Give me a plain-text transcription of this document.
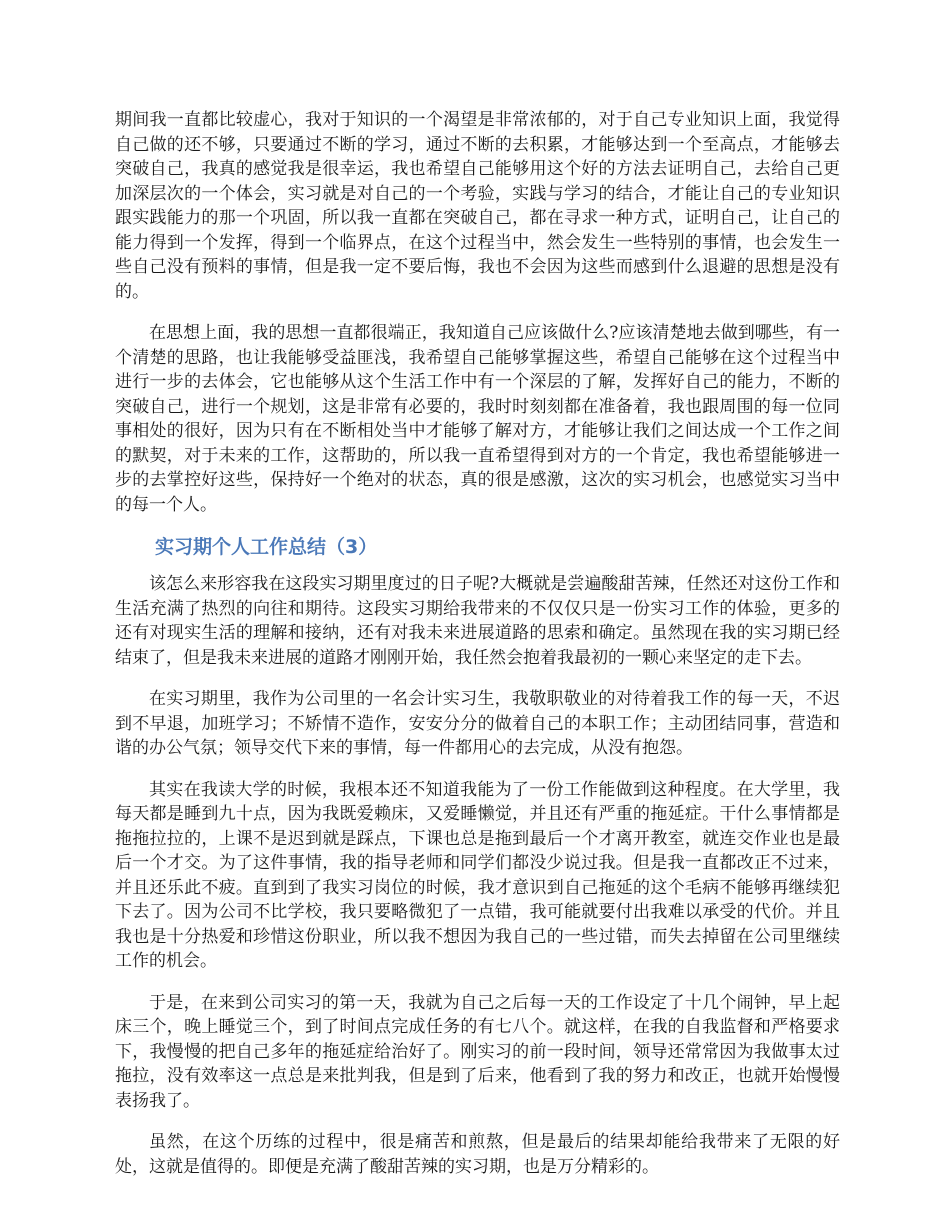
期间我一直都比较虚心，我对于知识的一个渴望是非常浓郁的，对于自己专业知识上面，我觉得自己做的还不够，只要通过不断的学习，通过不断的去积累，才能够达到一个至高点，才能够去突破自己，我真的感觉我是很幸运，我也希望自己能够用这个好的方法去证明自己，去给自己更加深层次的一个体会，实习就是对自己的一个考验，实践与学习的结合，才能让自己的专业知识跟实践能力的那一个巩固，所以我一直都在突破自己，都在寻求一种方式，证明自己，让自己的能力得到一个发挥，得到一个临界点，在这个过程当中，然会发生一些特别的事情，也会发生一些自己没有预料的事情，但是我一定不要后悔，我也不会因为这些而感到什么退避的思想是没有的。

在思想上面，我的思想一直都很端正，我知道自己应该做什么?应该清楚地去做到哪些，有一个清楚的思路，也让我能够受益匪浅，我希望自己能够掌握这些，希望自己能够在这个过程当中进行一步的去体会，它也能够从这个生活工作中有一个深层的了解，发挥好自己的能力，不断的突破自己，进行一个规划，这是非常有必要的，我时时刻刻都在准备着，我也跟周围的每一位同事相处的很好，因为只有在不断相处当中才能够了解对方，才能够让我们之间达成一个工作之间的默契，对于未来的工作，这帮助的，所以我一直希望得到对方的一个肯定，我也希望能够进一步的去掌控好这些，保持好一个绝对的状态，真的很是感激，这次的实习机会，也感觉实习当中的每一个人。

实习期个人工作总结（3）

该怎么来形容我在这段实习期里度过的日子呢?大概就是尝遍酸甜苦辣，任然还对这份工作和生活充满了热烈的向往和期待。这段实习期给我带来的不仅仅只是一份实习工作的体验，更多的还有对现实生活的理解和接纳，还有对我未来进展道路的思索和确定。虽然现在我的实习期已经结束了，但是我未来进展的道路才刚刚开始，我任然会抱着我最初的一颗心来坚定的走下去。

在实习期里，我作为公司里的一名会计实习生，我敬职敬业的对待着我工作的每一天，不迟到不早退，加班学习；不矫情不造作，安安分分的做着自己的本职工作；主动团结同事，营造和谐的办公气氛；领导交代下来的事情，每一件都用心的去完成，从没有抱怨。

其实在我读大学的时候，我根本还不知道我能为了一份工作能做到这种程度。在大学里，我每天都是睡到九十点，因为我既爱赖床，又爱睡懒觉，并且还有严重的拖延症。干什么事情都是拖拖拉拉的，上课不是迟到就是踩点，下课也总是拖到最后一个才离开教室，就连交作业也是最后一个才交。为了这件事情，我的指导老师和同学们都没少说过我。但是我一直都改正不过来，并且还乐此不疲。直到到了我实习岗位的时候，我才意识到自己拖延的这个毛病不能够再继续犯下去了。因为公司不比学校，我只要略微犯了一点错，我可能就要付出我难以承受的代价。并且我也是十分热爱和珍惜这份职业，所以我不想因为我自己的一些过错，而失去掉留在公司里继续工作的机会。

于是，在来到公司实习的第一天，我就为自己之后每一天的工作设定了十几个闹钟，早上起床三个，晚上睡觉三个，到了时间点完成任务的有七八个。就这样，在我的自我监督和严格要求下，我慢慢的把自己多年的拖延症给治好了。刚实习的前一段时间，领导还常常因为我做事太过拖拉，没有效率这一点总是来批判我，但是到了后来，他看到了我的努力和改正，也就开始慢慢表扬我了。

虽然，在这个历练的过程中，很是痛苦和煎熬，但是最后的结果却能给我带来了无限的好处，这就是值得的。即便是充满了酸甜苦辣的实习期，也是万分精彩的。
